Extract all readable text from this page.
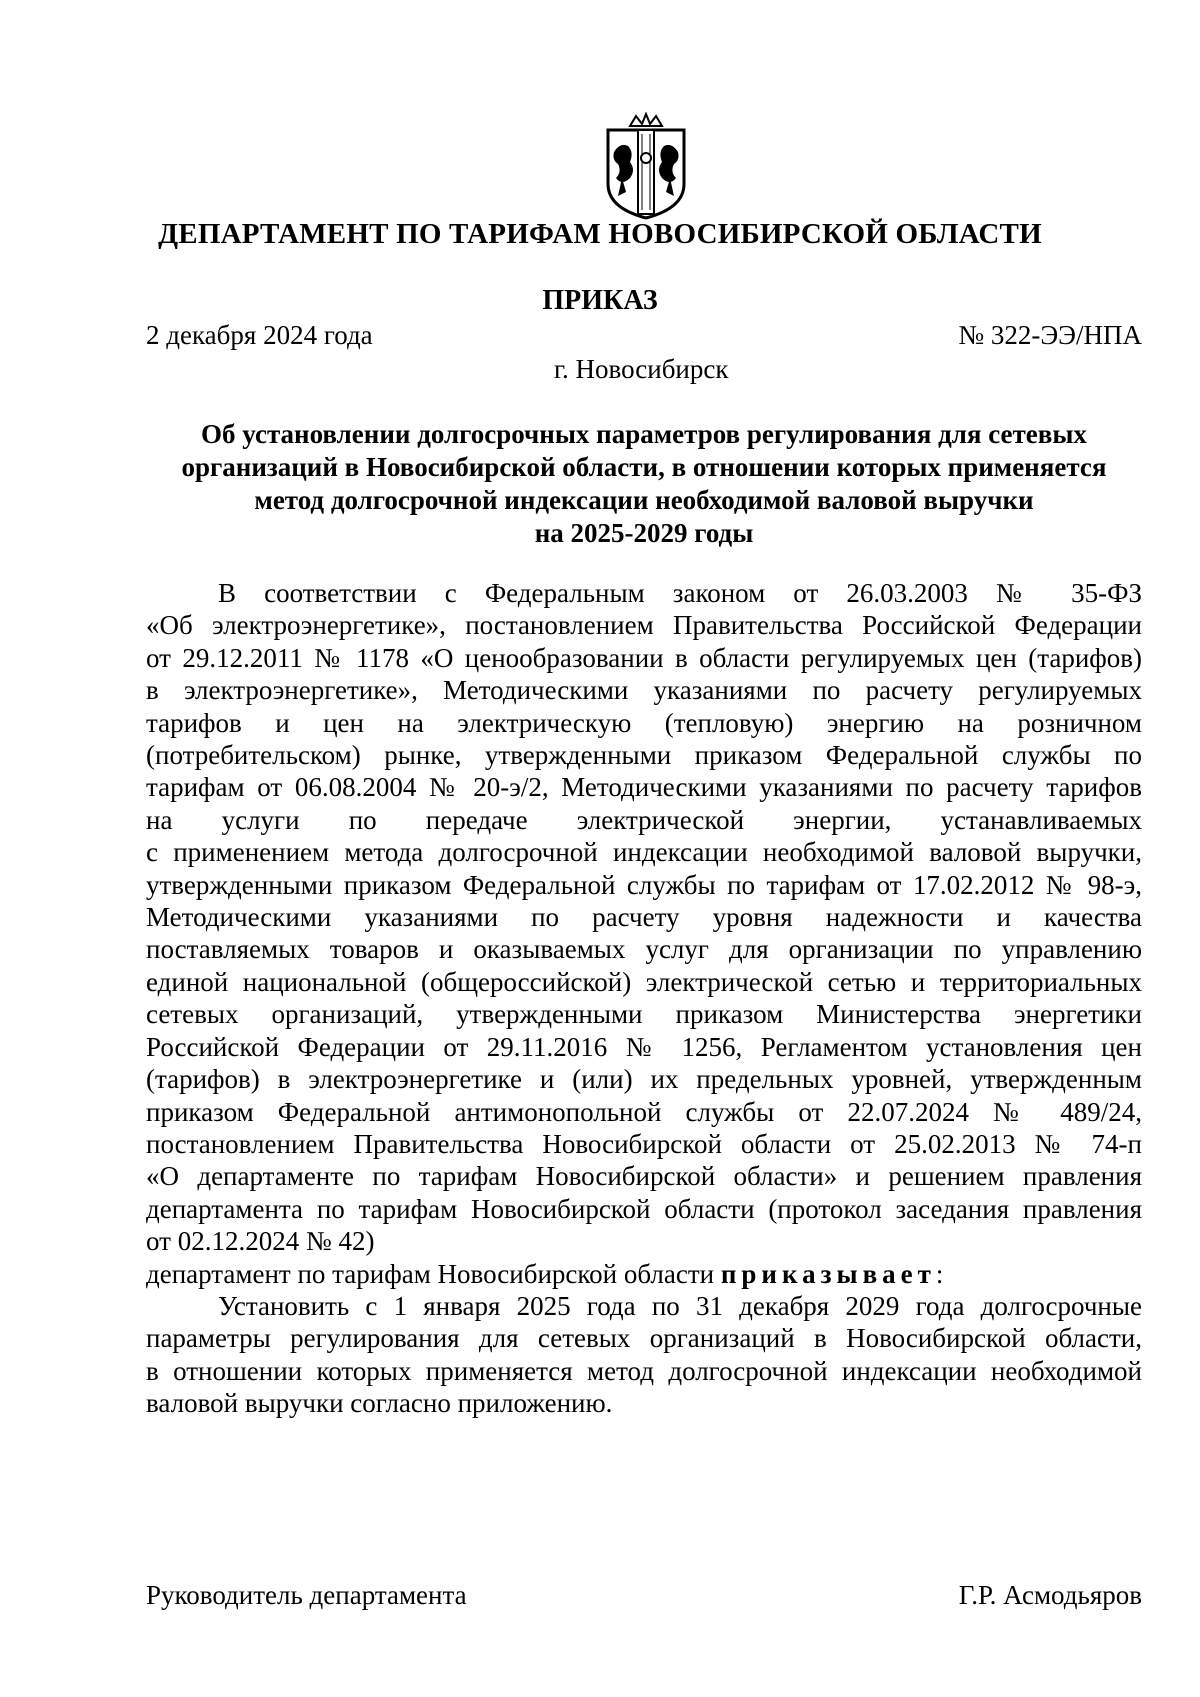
ДЕПАРТАМЕНТ ПО ТАРИФАМ НОВОСИБИРСКОЙ ОБЛАСТИ
ПРИКАЗ
2 декабря 2024 года	№ 322-ЭЭ/НПА
г. Новосибирск
Об установлении долгосрочных параметров регулирования для сетевых
организаций в Новосибирской области, в отношении которых применяется
метод долгосрочной индексации необходимой валовой выручки
на 2025-2029 годы
В соответствии с Федеральным законом от 26.03.2003 № 35-ФЗ
«Об электроэнергетике», постановлением Правительства Российской Федерации
от 29.12.2011 № 1178 «О ценообразовании в области регулируемых цен (тарифов)
в электроэнергетике», Методическими указаниями по расчету регулируемых
тарифов и цен на электрическую (тепловую) энергию на розничном
(потребительском) рынке, утвержденными приказом Федеральной службы по
тарифам от 06.08.2004 № 20-э/2, Методическими указаниями по расчету тарифов
на услуги по передаче электрической энергии, устанавливаемых
с применением метода долгосрочной индексации необходимой валовой выручки,
утвержденными приказом Федеральной службы по тарифам от 17.02.2012 № 98-э,
Методическими указаниями по расчету уровня надежности и качества
поставляемых товаров и оказываемых услуг для организации по управлению
единой национальной (общероссийской) электрической сетью и территориальных
сетевых организаций, утвержденными приказом Министерства энергетики
Российской Федерации от 29.11.2016 № 1256, Регламентом установления цен
(тарифов) в электроэнергетике и (или) их предельных уровней, утвержденным
приказом Федеральной антимонопольной службы от 22.07.2024 № 489/24,
постановлением Правительства Новосибирской области от 25.02.2013 № 74-п
«О департаменте по тарифам Новосибирской области» и решением правления
департамента по тарифам Новосибирской области (протокол заседания правления
от 02.12.2024 № 42)
департамент по тарифам Новосибирской области приказывает:
Установить с 1 января 2025 года по 31 декабря 2029 года долгосрочные
параметры регулирования для сетевых организаций в Новосибирской области,
в отношении которых применяется метод долгосрочной индексации необходимой
валовой выручки согласно приложению.
Руководитель департамента	Г.Р. Асмодьяров
